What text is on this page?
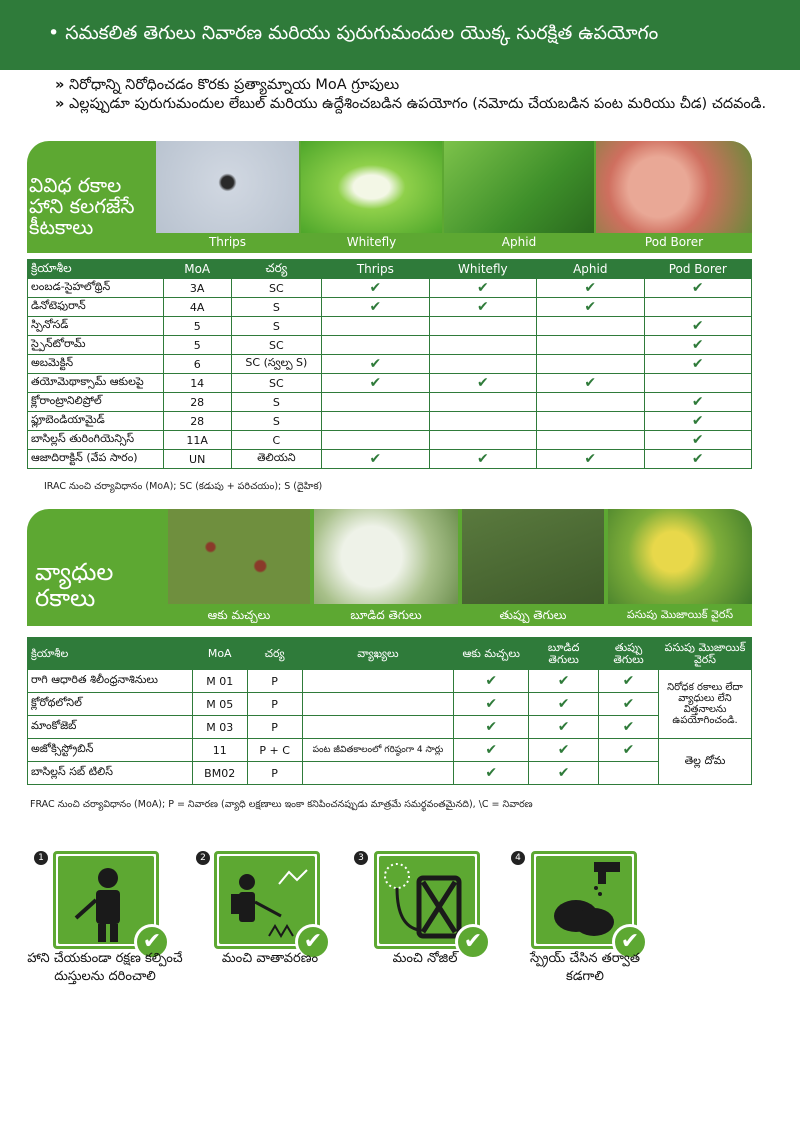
• సమకలిత తెగులు నివారణ మరియు పురుగుమందుల యొక్క సురక్షిత ఉపయోగం
» నిరోధాన్ని నిరోధించడం కొరకు ప్రత్యామ్నాయ MoA గ్రూపులు
» ఎల్లప్పుడూ పురుగుమందుల లేబుల్ మరియు ఉద్దేశించబడిన ఉపయోగం (నమోదు చేయబడిన పంట మరియు చీడ) చదవండి.
వివిధ రకాల హాని కలగజేసే కీటకాలు
Thrips	Whitefly	Aphid	Pod Borer
క్రియాశీల	MoA	చర్య	Thrips	Whitefly	Aphid	Pod Borer
లంబడ-సైహలోథ్రిన్	3A	SC	✔	✔	✔	✔
డినోటెఫురాన్	4A	S	✔	✔	✔	
స్పినోసడ్	5	S				✔
స్పైన్‌టోరామ్	5	SC				✔
అబమెక్టిన్	6	SC (స్వల్ప S)	✔			✔
తయోమెథాక్సామ్ ఆకులపై	14	SC	✔	✔	✔	
క్లోరాంట్రానిలిప్రోల్	28	S				✔
ఫ్లూబెండియామైడ్	28	S				✔
బాసిల్లస్ తురింగియెన్సిస్	11A	C				✔
ఆజాదిరాక్టిన్ (వేప సారం)	UN	తెలియని	✔	✔	✔	✔
IRAC నుంచి చర్యావిధానం (MoA); SC (కడుపు + పరిచయం); S (దైహిక)
వ్యాధుల రకాలు
ఆకు మచ్చలు	బూడిద తెగులు	తుప్పు తెగులు	పసుపు మొజాయిక్ వైరస్
క్రియాశీల	MoA	చర్య	వ్యాఖ్యలు	ఆకు మచ్చలు	బూడిద తెగులు	తుప్పు తెగులు	పసుపు మొజాయిక్ వైరస్
రాగి ఆధారిత శిలీంధ్రనాశినులు	M 01	P		✔	✔	✔	నిరోధక రకాలు లేదా వ్యాధులు లేని విత్తనాలను ఉపయోగించండి.
క్లోరోథలోనిల్	M 05	P		✔	✔	✔	
మాంకోజెబ్	M 03	P		✔	✔	✔	
అజోక్సిస్ట్రోబిన్	11	P + C	పంట జీవితకాలంలో గరిష్ఠంగా 4 సార్లు	✔	✔	✔	తెల్ల దోమ
బాసిల్లస్ సబ్ టిలిస్	BM02	P		✔	✔		
FRAC నుంచి చర్యావిధానం (MoA); P = నివారణ (వ్యాధి లక్షణాలు ఇంకా కనిపించనప్పుడు మాత్రమే సమర్థవంతమైనది), \C = నివారణ
1
✔
హాని చేయకుండా రక్షణ కల్పించే దుస్తులను దరించాలి
2
✔
మంచి వాతావరణం
3
✔
మంచి నోజిల్
4
✔
స్ప్రేయ్ చేసిన తర్వాత కడగాలి
